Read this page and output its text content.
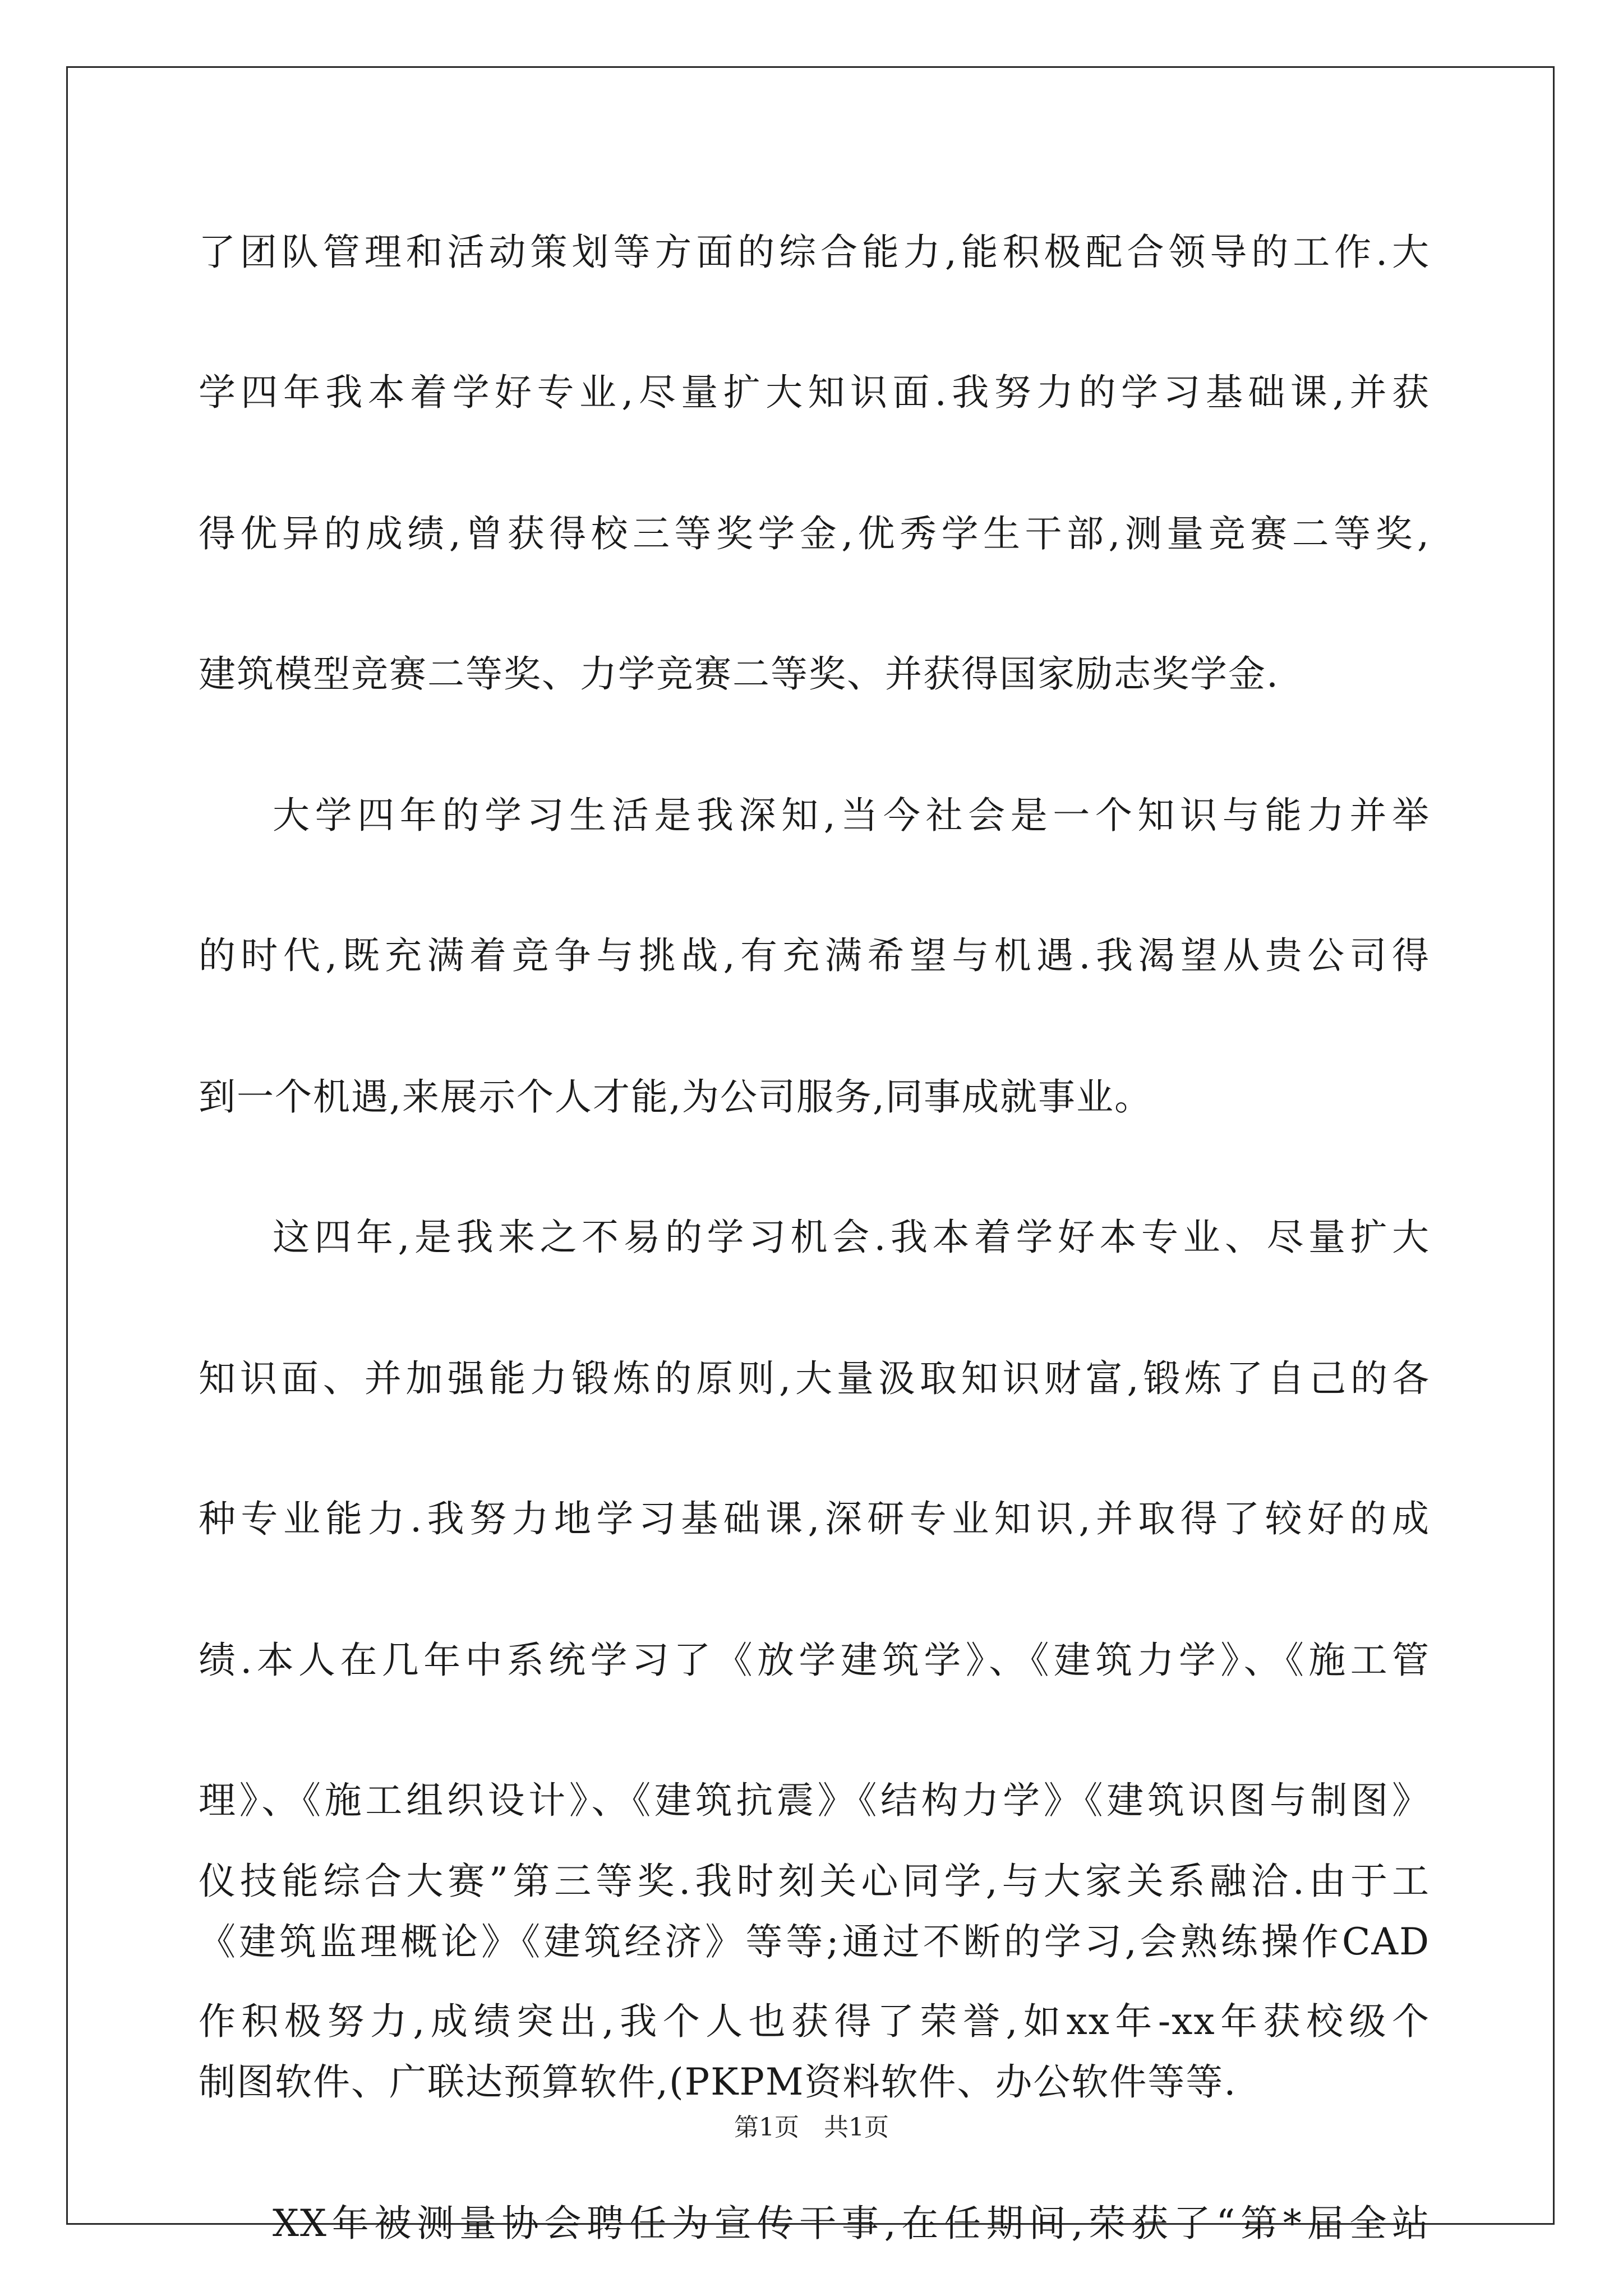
了团队管理和活动策划等方面的综合能力,能积极配合领导的工作.大
学四年我本着学好专业,尽量扩大知识面.我努力的学习基础课,并获
得优异的成绩,曾获得校三等奖学金,优秀学生干部,测量竞赛二等奖,
建筑模型竞赛二等奖、力学竞赛二等奖、并获得国家励志奖学金.
大学四年的学习生活是我深知,当今社会是一个知识与能力并举
的时代,既充满着竞争与挑战,有充满希望与机遇.我渴望从贵公司得
到一个机遇,来展示个人才能,为公司服务,同事成就事业。
这四年,是我来之不易的学习机会.我本着学好本专业、尽量扩大
知识面、并加强能力锻炼的原则,大量汲取知识财富,锻炼了自己的各
种专业能力.我努力地学习基础课,深研专业知识,并取得了较好的成
绩.本人在几年中系统学习了《放学建筑学》、《建筑力学》、《施工管
理》、《施工组织设计》、《建筑抗震》《结构力学》《建筑识图与制图》
《建筑监理概论》《建筑经济》等等;通过不断的学习,会熟练操作CAD
制图软件、广联达预算软件,(PKPM资料软件、办公软件等等.
XX年被测量协会聘任为宣传干事,在任期间,荣获了“第*届全站
仪技能综合大赛”第三等奖.我时刻关心同学,与大家关系融洽.由于工
作积极努力,成绩突出,我个人也获得了荣誉,如xx年-xx年获校级个
第1页　共1页
